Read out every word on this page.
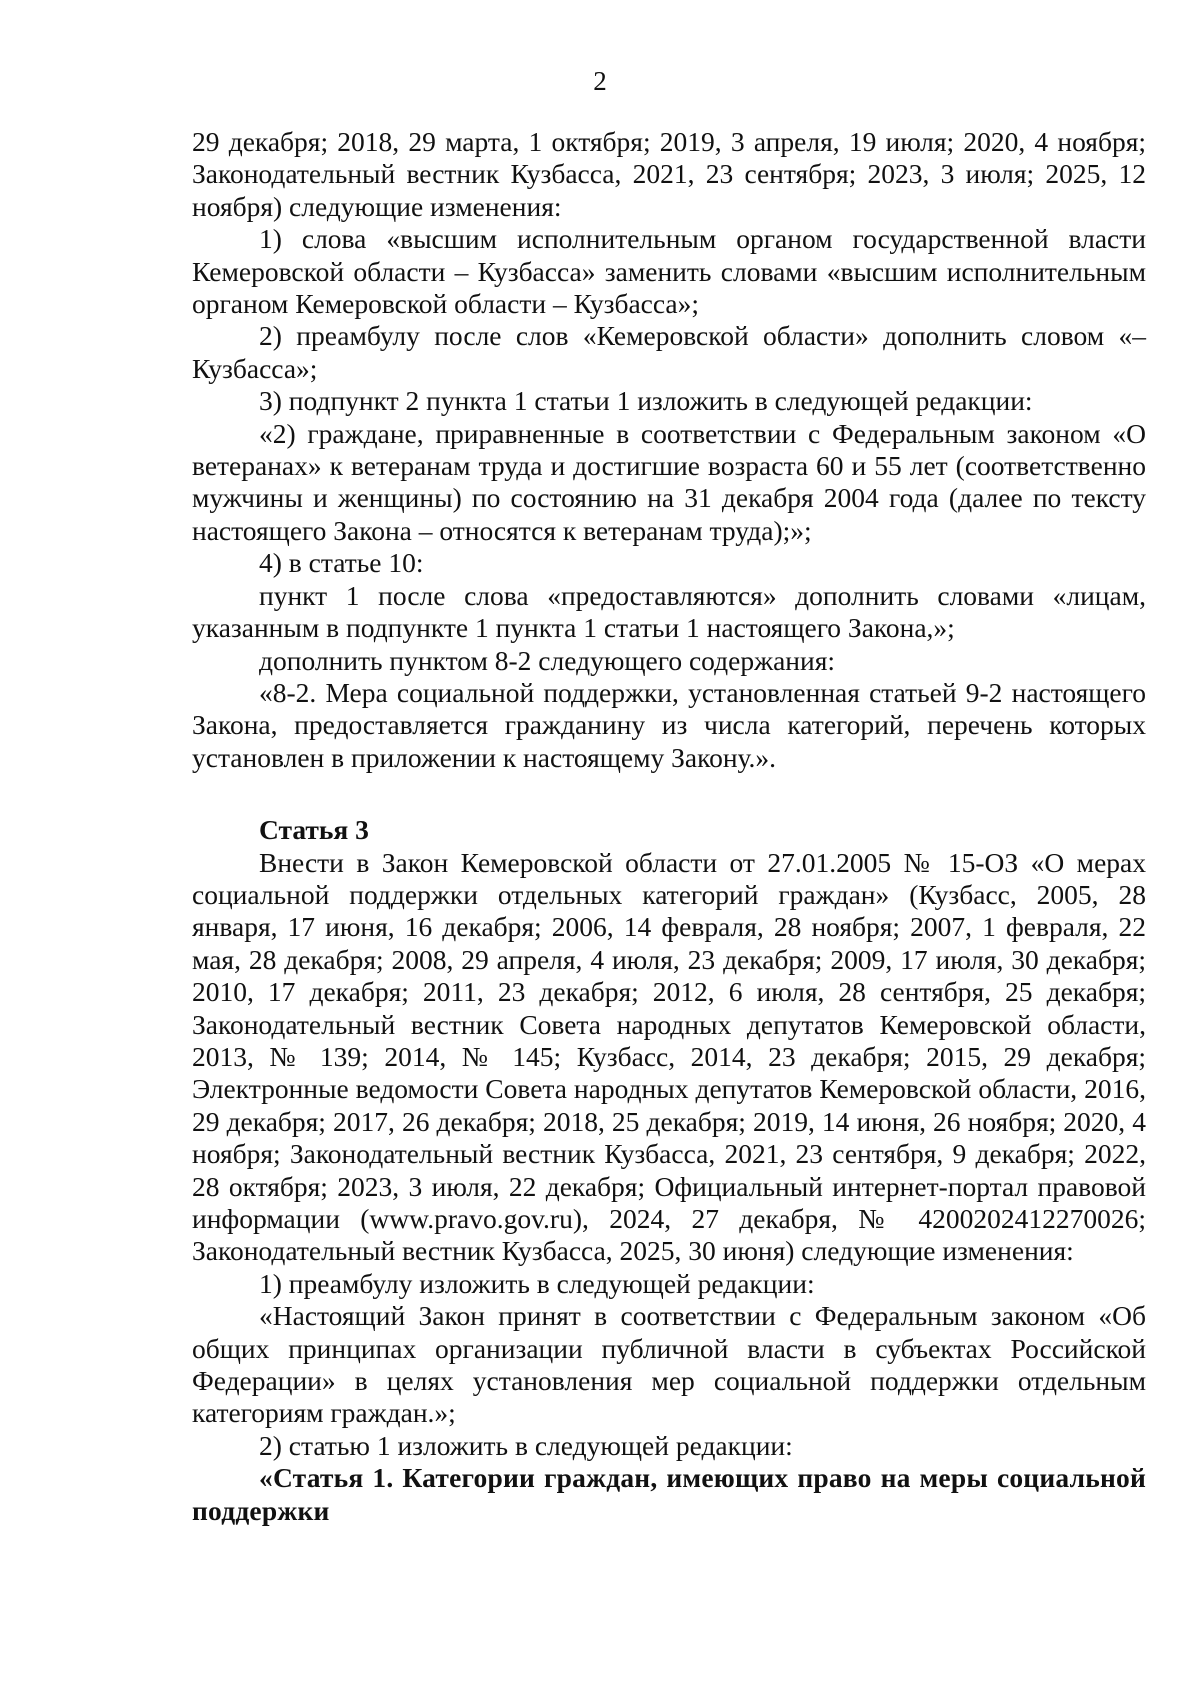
2

29 декабря; 2018, 29 марта, 1 октября; 2019, 3 апреля, 19 июля; 2020, 4 ноября; Законодательный вестник Кузбасса, 2021, 23 сентября; 2023, 3 июля; 2025, 12 ноября) следующие изменения:

1) слова «высшим исполнительным органом государственной власти Кемеровской области – Кузбасса» заменить словами «высшим исполнительным органом Кемеровской области – Кузбасса»;

2) преамбулу после слов «Кемеровской области» дополнить словом «– Кузбасса»;

3) подпункт 2 пункта 1 статьи 1 изложить в следующей редакции:

«2) граждане, приравненные в соответствии с Федеральным законом «О ветеранах» к ветеранам труда и достигшие возраста 60 и 55 лет (соответственно мужчины и женщины) по состоянию на 31 декабря 2004 года (далее по тексту настоящего Закона – относятся к ветеранам труда);»;

4) в статье 10:

пункт 1 после слова «предоставляются» дополнить словами «лицам, указанным в подпункте 1 пункта 1 статьи 1 настоящего Закона,»;

дополнить пунктом 8-2 следующего содержания:

«8-2. Мера социальной поддержки, установленная статьей 9-2 настоящего Закона, предоставляется гражданину из числа категорий, перечень которых установлен в приложении к настоящему Закону.».

Статья 3

Внести в Закон Кемеровской области от 27.01.2005 № 15-ОЗ «О мерах социальной поддержки отдельных категорий граждан» (Кузбасс, 2005, 28 января, 17 июня, 16 декабря; 2006, 14 февраля, 28 ноября; 2007, 1 февраля, 22 мая, 28 декабря; 2008, 29 апреля, 4 июля, 23 декабря; 2009, 17 июля, 30 декабря; 2010, 17 декабря; 2011, 23 декабря; 2012, 6 июля, 28 сентября, 25 декабря; Законодательный вестник Совета народных депутатов Кемеровской области, 2013, № 139; 2014, № 145; Кузбасс, 2014, 23 декабря; 2015, 29 декабря; Электронные ведомости Совета народных депутатов Кемеровской области, 2016, 29 декабря; 2017, 26 декабря; 2018, 25 декабря; 2019, 14 июня, 26 ноября; 2020, 4 ноября; Законодательный вестник Кузбасса, 2021, 23 сентября, 9 декабря; 2022, 28 октября; 2023, 3 июля, 22 декабря; Официальный интернет-портал правовой информации (www.pravo.gov.ru), 2024, 27 декабря, № 4200202412270026; Законодательный вестник Кузбасса, 2025, 30 июня) следующие изменения:

1) преамбулу изложить в следующей редакции:

«Настоящий Закон принят в соответствии с Федеральным законом «Об общих принципах организации публичной власти в субъектах Российской Федерации» в целях установления мер социальной поддержки отдельным категориям граждан.»;

2) статью 1 изложить в следующей редакции:

«Статья 1. Категории граждан, имеющих право на меры социальной поддержки
